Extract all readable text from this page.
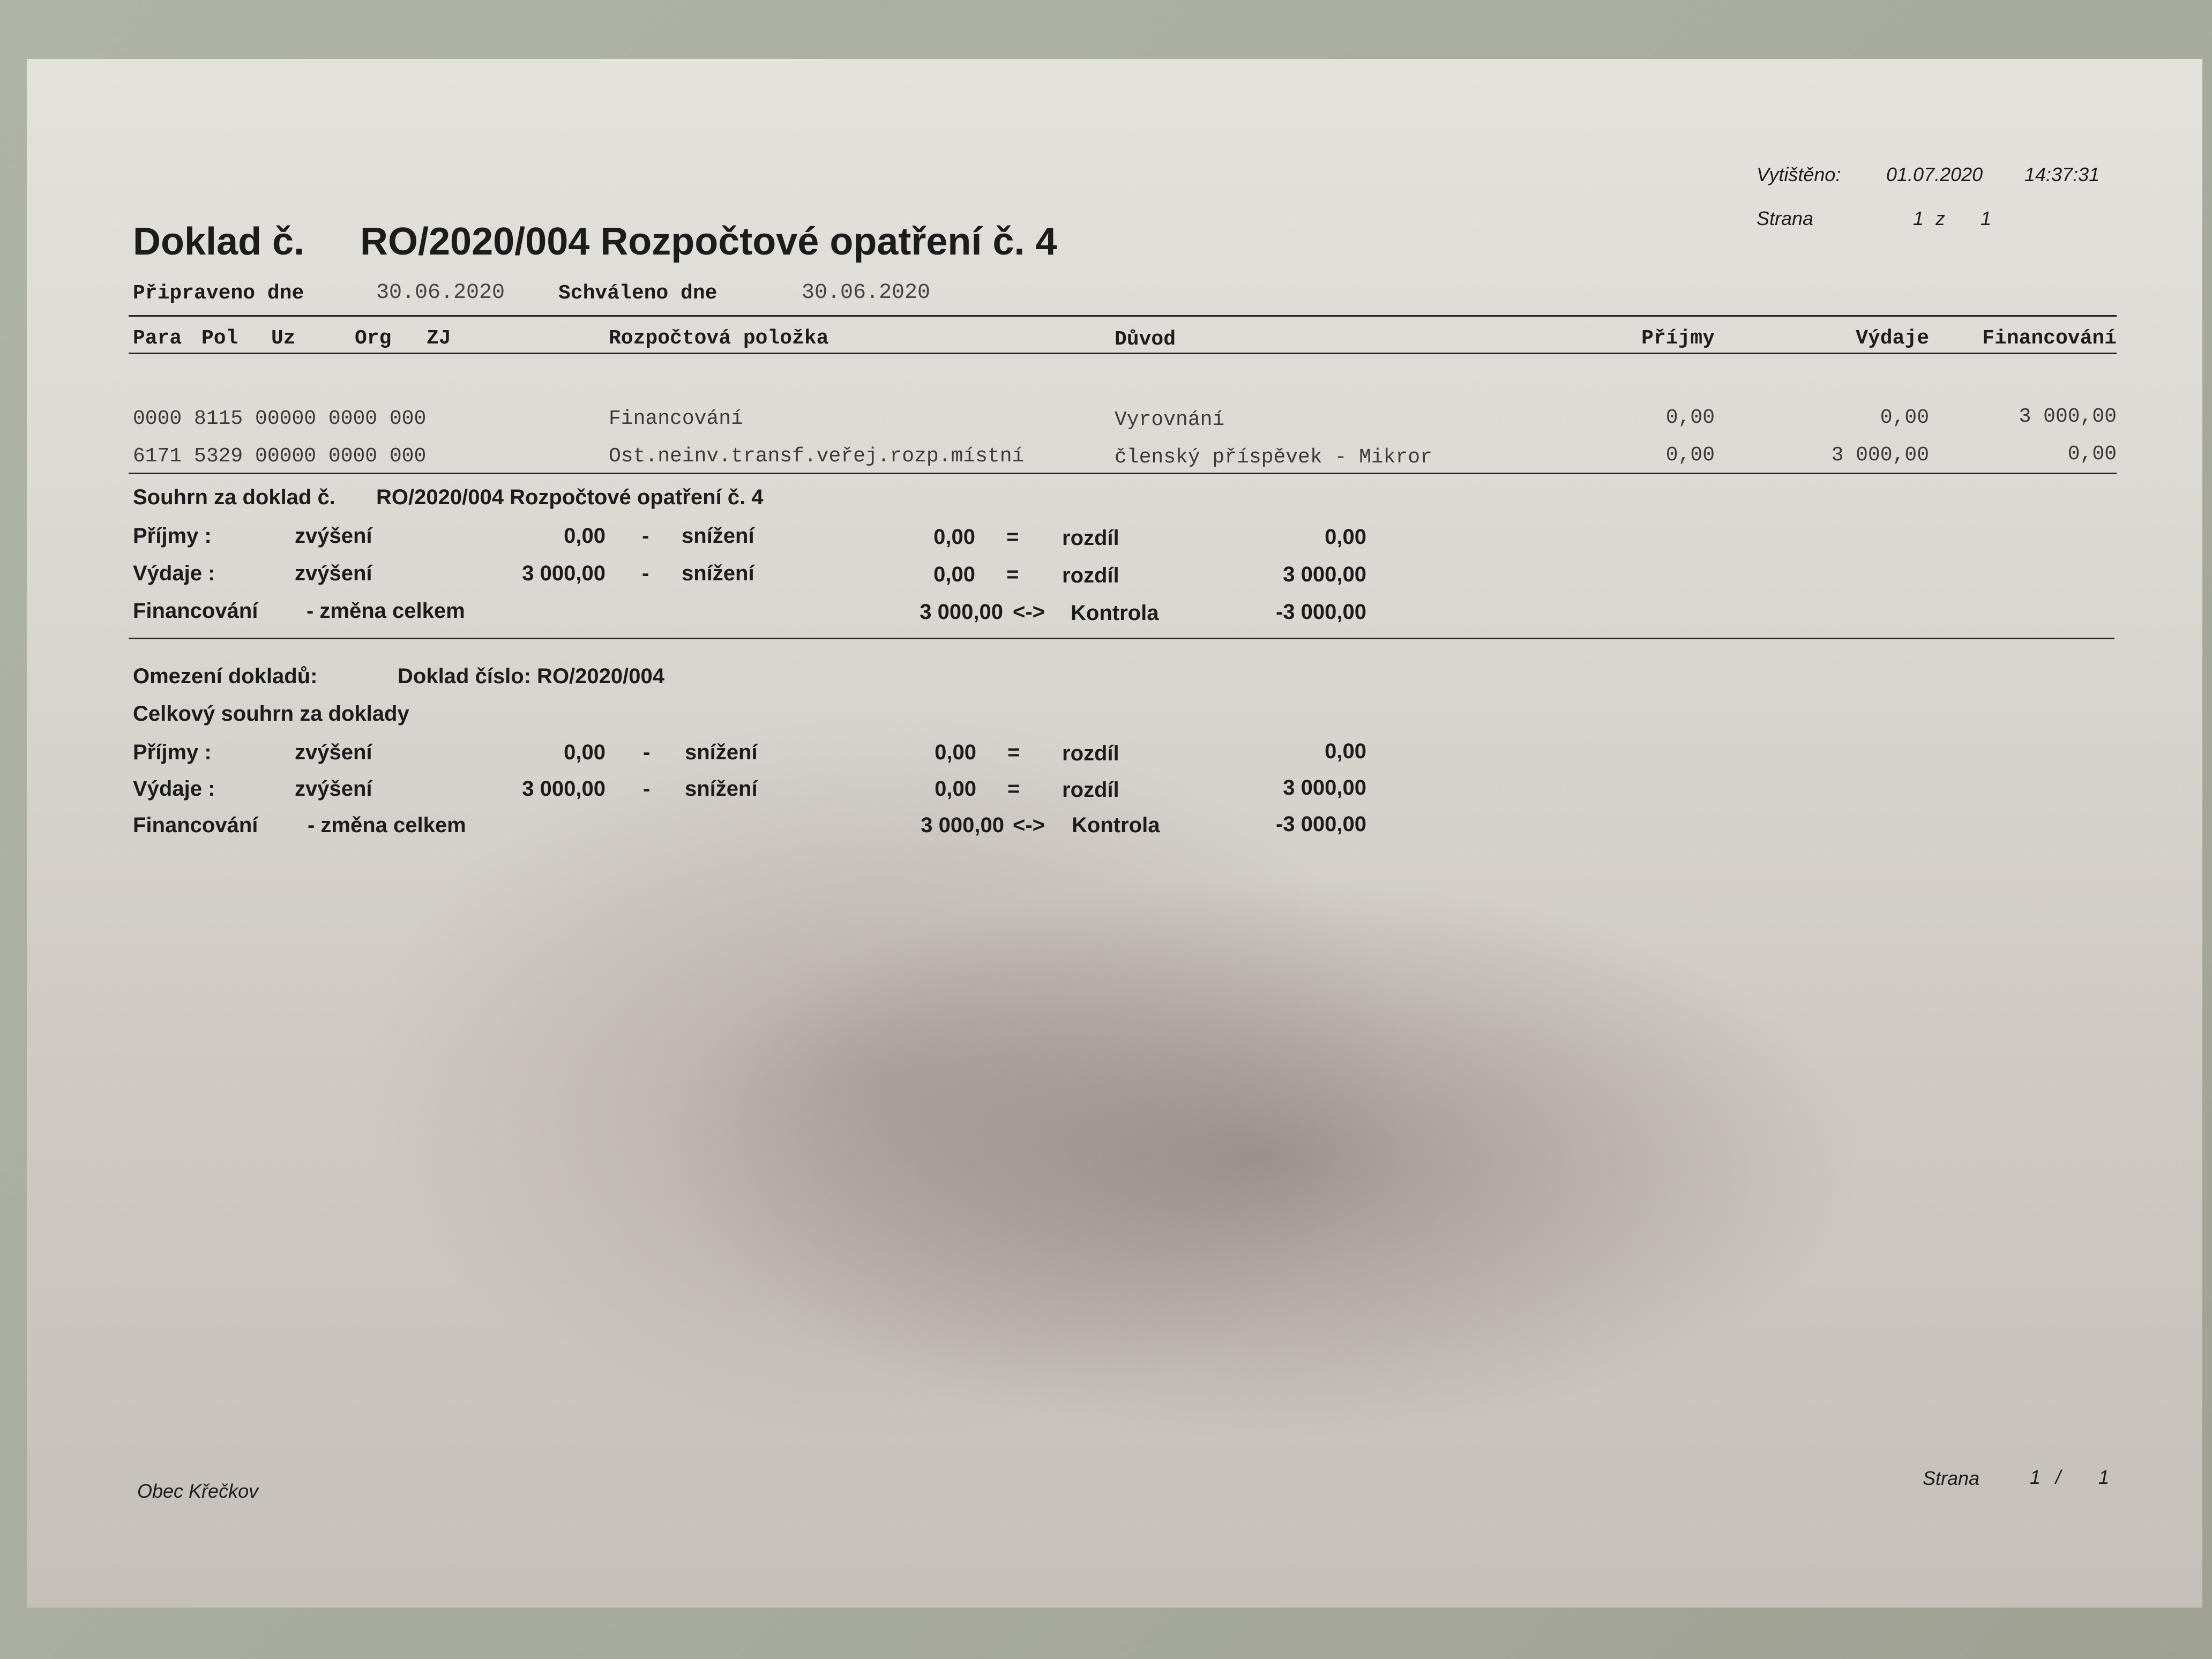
Vytištěno: 01.07.2020 14:37:31
Strana	1 z 1
Doklad č. RO/2020/004 Rozpočtové opatření č. 4
Připraveno dne	30.06.2020	Schváleno dne	30.06.2020
Para Pol Uz	Org ZJ	Rozpočtová položka	Důvod	Příjmy	Výdaje	Financování
0000 8115 00000 0000 000	Financování	Vyrovnání	0,00	0,00	3 000,00
6171 5329 00000 0000 000	Ost.neinv.transf.veřej.rozp.místní	členský příspěvek - Mikror	0,00	3 000,00	0,00
Souhrn za doklad č. RO/2020/004 Rozpočtové opatření č. 4
Příjmy :	zvýšení	0,00 - snížení	0,00 = rozdíl	0,00
Výdaje :	zvýšení	3 000,00 - snížení	0,00 = rozdíl	3 000,00
Financování - změna celkem	3 000,00 <-> Kontrola	-3 000,00
Omezení dokladů:	Doklad číslo: RO/2020/004
Celkový souhrn za doklady
Příjmy :	zvýšení	0,00 - snížení	0,00 = rozdíl	0,00
Výdaje :	zvýšení	3 000,00 - snížení	0,00 = rozdíl	3 000,00
Financování - změna celkem	3 000,00 <-> Kontrola	-3 000,00
Obec Křečkov
Strana	1 / 1
